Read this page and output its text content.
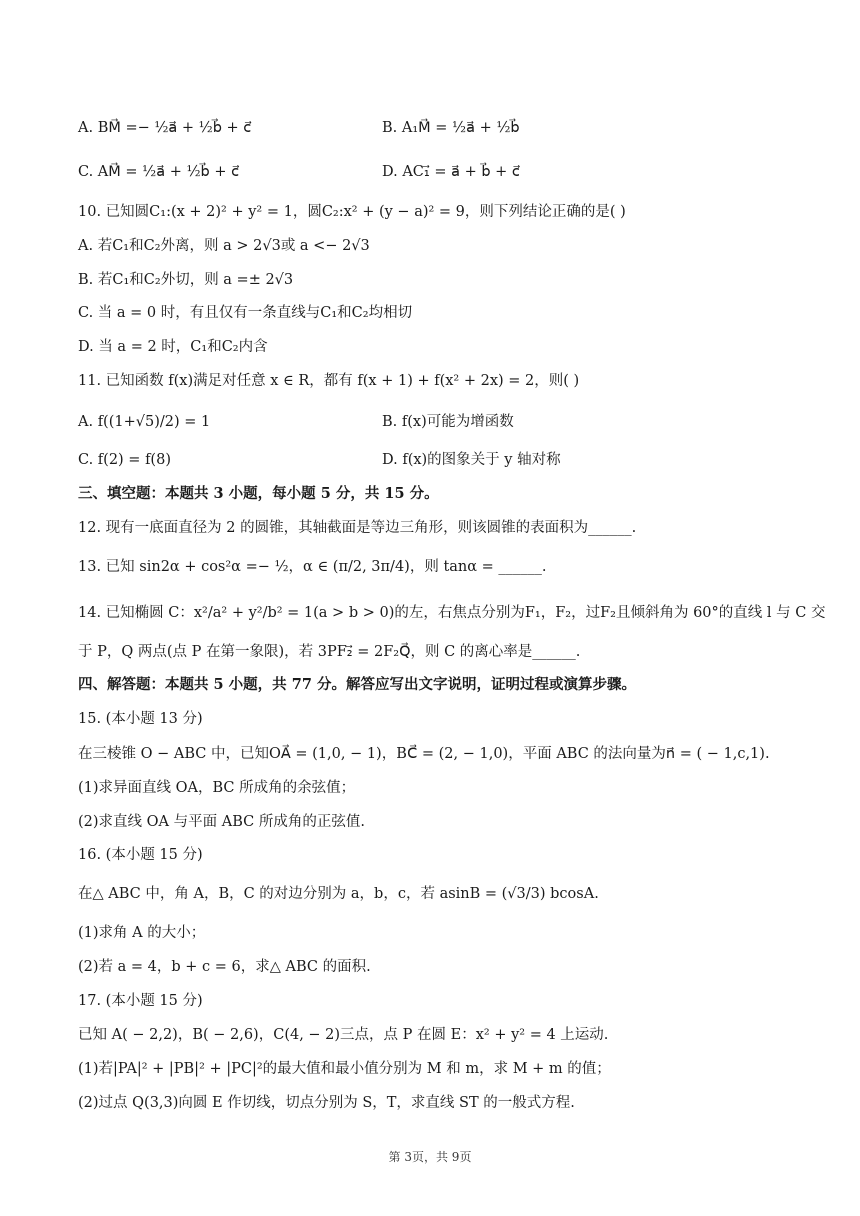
A. BM⃗ =− ½a⃗ + ½b⃗ + c⃗	B. A₁M⃗ = ½a⃗ + ½b⃗
C. AM⃗ = ½a⃗ + ½b⃗ + c⃗	D. AC₁⃗ = a⃗ + b⃗ + c⃗
10. 已知圆C₁:(x + 2)² + y² = 1，圆C₂:x² + (y − a)² = 9，则下列结论正确的是( )
A. 若C₁和C₂外离，则 a > 2√3或 a <− 2√3
B. 若C₁和C₂外切，则 a =± 2√3
C. 当 a = 0 时，有且仅有一条直线与C₁和C₂均相切
D. 当 a = 2 时，C₁和C₂内含
11. 已知函数 f(x)满足对任意 x ∈ R，都有 f(x + 1) + f(x² + 2x) = 2，则( )
A. f((1+√5)/2) = 1	B. f(x)可能为增函数
C. f(2) = f(8)	D. f(x)的图象关于 y 轴对称
三、填空题：本题共 3 小题，每小题 5 分，共 15 分。
12. 现有一底面直径为 2 的圆锥，其轴截面是等边三角形，则该圆锥的表面积为______.
13. 已知 sin2α + cos²α =− ½，α ∈ (π/2, 3π/4)，则 tanα = ______.
14. 已知椭圆 C：x²/a² + y²/b² = 1(a > b > 0)的左，右焦点分别为F₁，F₂，过F₂且倾斜角为 60°的直线 l 与 C 交
于 P，Q 两点(点 P 在第一象限)，若 3PF₂⃗ = 2F₂Q⃗，则 C 的离心率是______.
四、解答题：本题共 5 小题，共 77 分。解答应写出文字说明，证明过程或演算步骤。
15. (本小题 13 分)
在三棱锥 O − ABC 中，已知OA⃗ = (1,0, − 1)，BC⃗ = (2, − 1,0)，平面 ABC 的法向量为n⃗ = ( − 1,c,1).
(1)求异面直线 OA，BC 所成角的余弦值；
(2)求直线 OA 与平面 ABC 所成角的正弦值.
16. (本小题 15 分)
在△ ABC 中，角 A，B，C 的对边分别为 a，b，c，若 asinB = (√3/3) bcosA.
(1)求角 A 的大小；
(2)若 a = 4，b + c = 6，求△ ABC 的面积.
17. (本小题 15 分)
已知 A( − 2,2)，B( − 2,6)，C(4, − 2)三点，点 P 在圆 E：x² + y² = 4 上运动.
(1)若|PA|² + |PB|² + |PC|²的最大值和最小值分别为 M 和 m，求 M + m 的值；
(2)过点 Q(3,3)向圆 E 作切线，切点分别为 S，T，求直线 ST 的一般式方程.
第 3页，共 9页
